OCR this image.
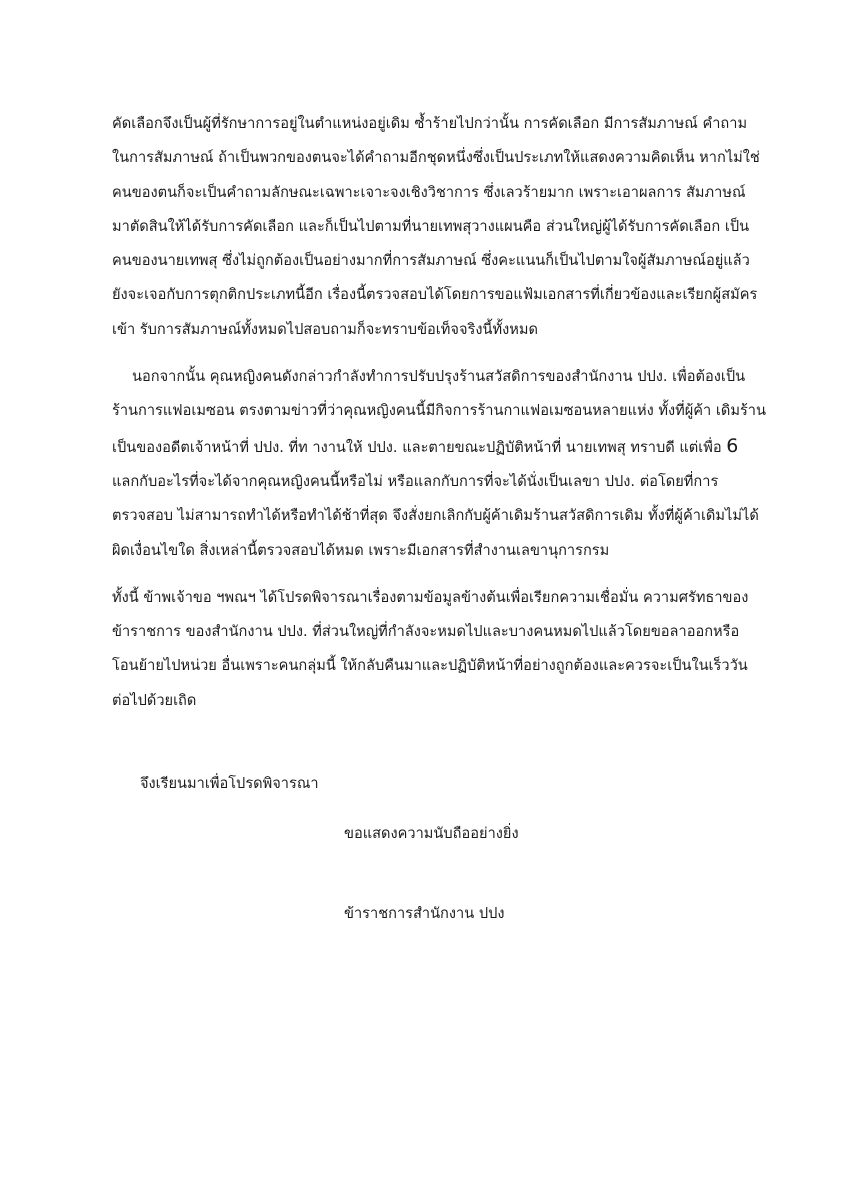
คัดเลือกจึงเป็นผู้ที่รักษาการอยู่ในตำแหน่งอยู่เดิม ซ้ำร้ายไปกว่านั้น การคัดเลือก มีการสัมภาษณ์ คำถาม
ในการสัมภาษณ์ ถ้าเป็นพวกของตนจะได้คำถามอีกชุดหนึ่งซึ่งเป็นประเภทให้แสดงความคิดเห็น หากไม่ใช่
คนของตนก็จะเป็นคำถามลักษณะเฉพาะเจาะจงเชิงวิชาการ ซึ่งเลวร้ายมาก เพราะเอาผลการ สัมภาษณ์
มาตัดสินให้ได้รับการคัดเลือก และก็เป็นไปตามที่นายเทพสุวางแผนคือ ส่วนใหญ่ผู้ได้รับการคัดเลือก เป็น
คนของนายเทพสุ ซึ่งไม่ถูกต้องเป็นอย่างมากที่การสัมภาษณ์ ซึ่งคะแนนก็เป็นไปตามใจผู้สัมภาษณ์อยู่แล้ว
ยังจะเจอกับการตุกติกประเภทนี้อีก เรื่องนี้ตรวจสอบได้โดยการขอแฟ้มเอกสารที่เกี่ยวข้องและเรียกผู้สมัคร
เข้า รับการสัมภาษณ์ทั้งหมดไปสอบถามก็จะทราบข้อเท็จจริงนี้ทั้งหมด
นอกจากนั้น คุณหญิงคนดังกล่าวกำลังทำการปรับปรุงร้านสวัสดิการของสำนักงาน ปปง. เพื่อต้องเป็น
ร้านการแฟอเมซอน ตรงตามข่าวที่ว่าคุณหญิงคนนี้มีกิจการร้านกาแฟอเมซอนหลายแห่ง ทั้งที่ผู้ค้า เดิมร้าน
เป็นของอดีตเจ้าหน้าที่ ปปง. ที่ท างานให้ ปปง. และตายขณะปฏิบัติหน้าที่ นายเทพสุ ทราบดี แต่เพื่อ 6
แลกกับอะไรที่จะได้จากคุณหญิงคนนี้หรือไม่ หรือแลกกับการที่จะได้นั่งเป็นเลขา ปปง. ต่อโดยที่การ
ตรวจสอบ ไม่สามารถทำได้หรือทำได้ช้าที่สุด จึงสั่งยกเลิกกับผู้ค้าเดิมร้านสวัสดิการเดิม ทั้งที่ผู้ค้าเดิมไม่ได้
ผิดเงื่อนไขใด สิ่งเหล่านี้ตรวจสอบได้หมด เพราะมีเอกสารที่สำงานเลขานุการกรม
ทั้งนี้ ข้าพเจ้าขอ ฯพณฯ ได้โปรดพิจารณาเรื่องตามข้อมูลข้างต้นเพื่อเรียกความเชื่อมั่น ความศรัทธาของ
ข้าราชการ ของสำนักงาน ปปง. ที่ส่วนใหญ่ที่กำลังจะหมดไปและบางคนหมดไปแล้วโดยขอลาออกหรือ
โอนย้ายไปหน่วย อื่นเพราะคนกลุ่มนี้ ให้กลับคืนมาและปฏิบัติหน้าที่อย่างถูกต้องและควรจะเป็นในเร็ววัน
ต่อไปด้วยเถิด
จึงเรียนมาเพื่อโปรดพิจารณา
ขอแสดงความนับถืออย่างยิ่ง
ข้าราชการสำนักงาน ปปง
